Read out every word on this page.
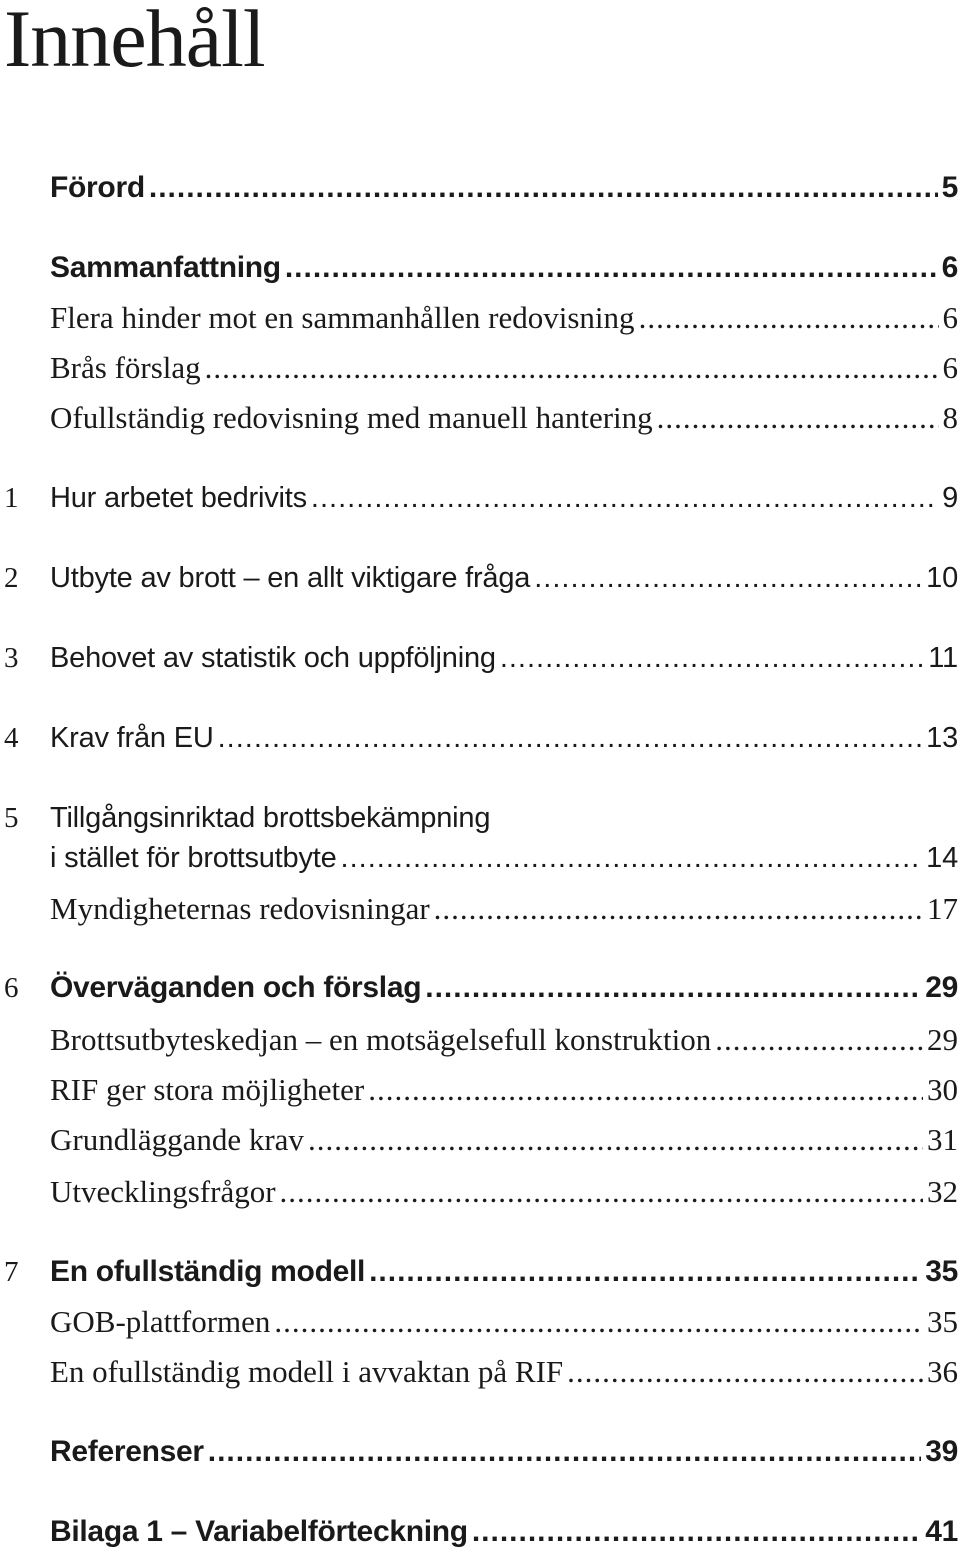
Innehåll
Förord .....	5
Sammanfattning .....	6
Flera hinder mot en sammanhållen redovisning .....	6
Brås förslag .....	6
Ofullständig redovisning med manuell hantering .....	8
1	Hur arbetet bedrivits .....	9
2	Utbyte av brott – en allt viktigare fråga .....	10
3	Behovet av statistik och uppföljning .....	11
4	Krav från EU .....	13
5	Tillgångsinriktad brottsbekämpning
i stället för brottsutbyte .....	14
Myndigheternas redovisningar .....	17
6	Överväganden och förslag .....	29
Brottsutbyteskedjan – en motsägelsefull konstruktion .....	29
RIF ger stora möjligheter .....	30
Grundläggande krav .....	31
Utvecklingsfrågor .....	32
7	En ofullständig modell .....	35
GOB-plattformen .....	35
En ofullständig modell i avvaktan på RIF .....	36
Referenser .....	39
Bilaga 1 – Variabelförteckning .....	41
